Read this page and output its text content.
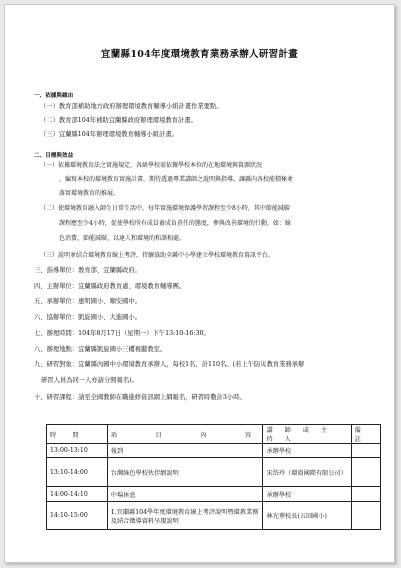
宜蘭縣104年度環境教育業務承辦人研習計畫
一、依據與緣由
（一）教育部補助地方政府辦理環境教育輔導小組計畫作業要點。
（二）教育部104年補助宜蘭縣政府辦理環境教育計畫。
（三）宜蘭縣104年辦理環境教育輔導小組計畫。
二、目標與效益
（一）依據環境教育法之實施規定，各級學校需依據學校本位的在地環境與資源狀況
，編寫本校的環境教育實施計畫，期待透過專業講師之說明與指導，讓縣內各校能積極並
落實環境教育的推展。
（二）使環境教育融入師生日常生活中，每年實施環境保護學習課程至少8小時，其中節能減碳
課程應至少4小時，促使學校所有成員養成負責任的態度，參與改善環境的行動，如：綠
色消費、節能減碳、以達人和環境的和諧相處。
（三）說明並结合環境教育線上考評，持續協助全縣中小學建立學校環境教育資訊平台。
三、指導單位：教育部、宜蘭縣政府。
四、主辦單位：宜蘭縣政府教育處、環境教育輔導團。
五、承辦單位：惠明國小、順安國中。
六、協辦單位：凱旋國小、大進國小。
七、辦理時間：104年8月17日（星期一）下午13:10-16:30。
八、辦理地點：宜蘭縣凱旋國小三樓視聽教室。
九、研習對象：宜蘭縣內國中小環境教育承辦人，每校1名，計110名。(若上午防災教育業務承辦
研習人員為同一人亦請分開報名)。
十、研習課程：請至全國教師在職進修資訊網上網報名，研習時數計3小時。
時　間	項　　　目　　　內　　　容	講 師 或 主 持 人	備　註
13:00-13:10	報到	承辦學校	
13:10-14:00	台灣綠色學校伙伴網說明	宋岱玲（環資國際有限公司）	
14:00-14:10	中場休息	承辦學校	
14:10-15:00	1.宜蘭縣104學年度環境教育線上考評說明暨環教業務及結合徵導資料呈現說明	林光華校長(五回國小)	
